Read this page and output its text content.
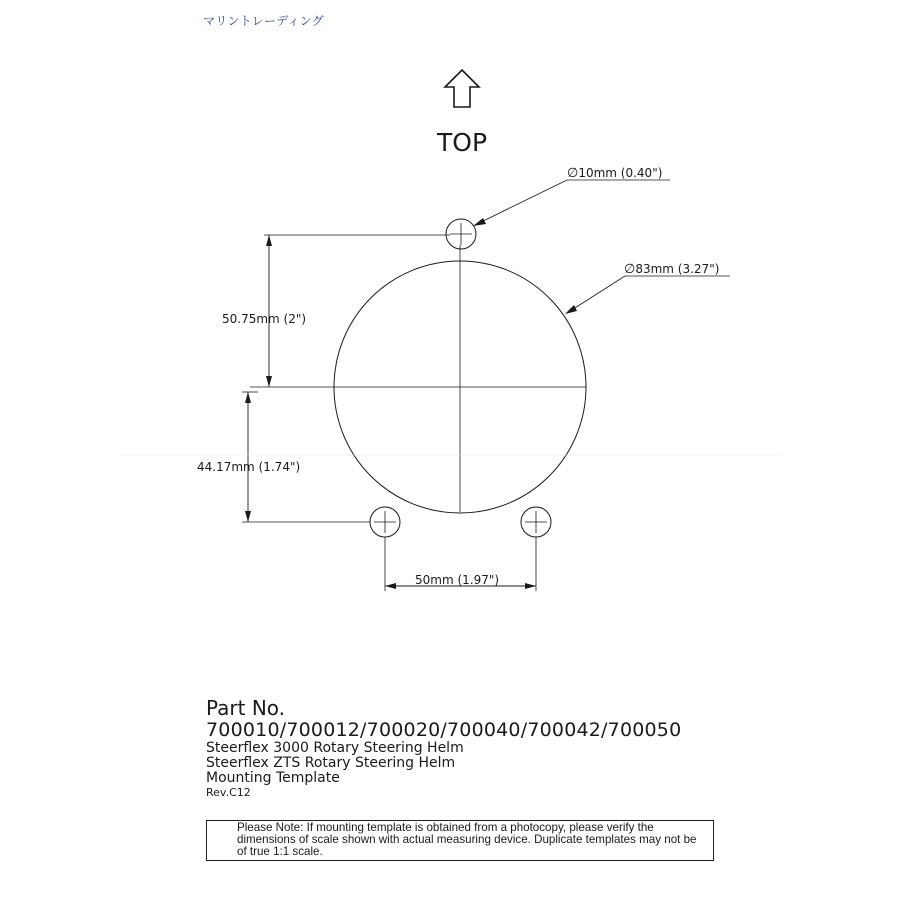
マリントレーディング
TOP
∅10mm (0.40")
∅83mm (3.27")
50.75mm (2")
44.17mm (1.74")
50mm (1.97")
Part No.
700010/700012/700020/700040/700042/700050
Steerflex 3000 Rotary Steering Helm
Steerflex ZTS Rotary Steering Helm
Mounting Template
Rev.C12
Please Note: If mounting template is obtained from a photocopy, please verify the dimensions of scale shown with actual measuring device. Duplicate templates may not be of true 1:1 scale.
